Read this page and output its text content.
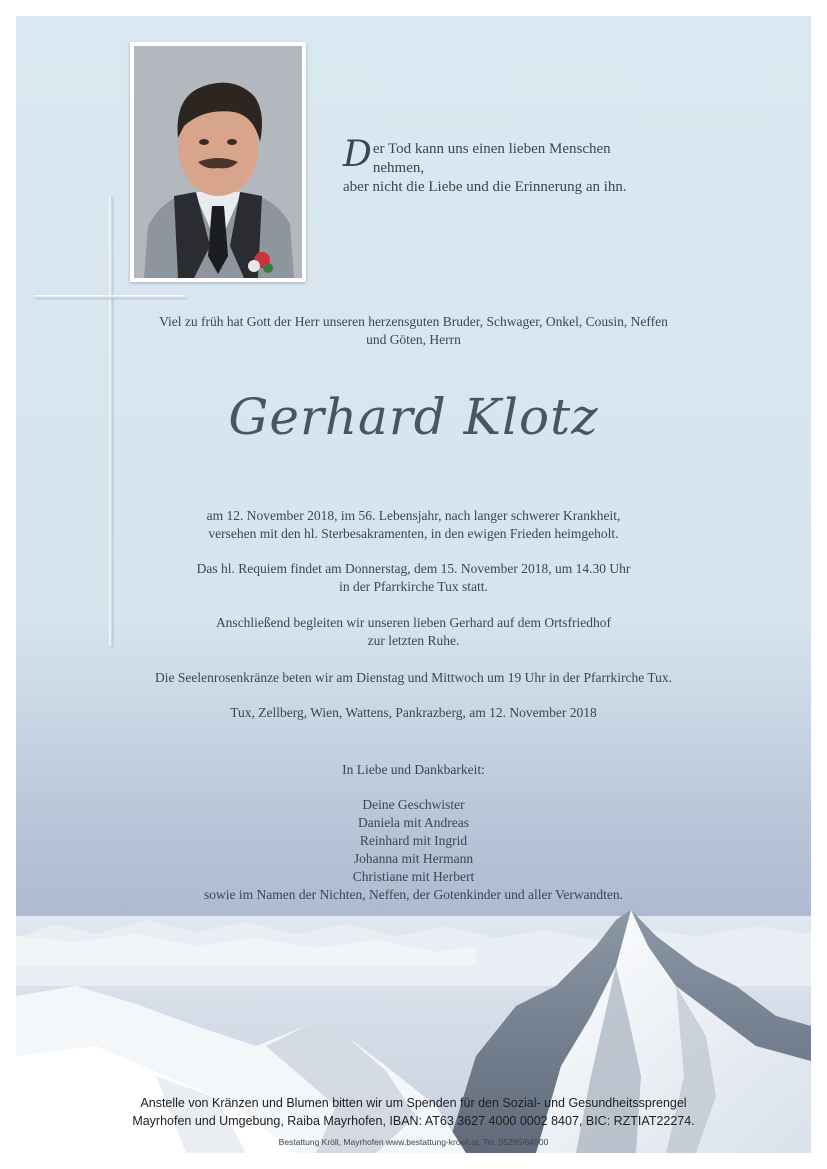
D er Tod kann uns einen lieben Menschen nehmen,
aber nicht die Liebe und die Erinnerung an ihn.
Viel zu früh hat Gott der Herr unseren herzensguten Bruder, Schwager, Onkel, Cousin, Neffen
und Göten, Herrn
Gerhard Klotz
am 12. November 2018, im 56. Lebensjahr, nach langer schwerer Krankheit,
versehen mit den hl. Sterbesakramenten, in den ewigen Frieden heimgeholt.
Das hl. Requiem findet am Donnerstag, dem 15. November 2018, um 14.30 Uhr
in der Pfarrkirche Tux statt.
Anschließend begleiten wir unseren lieben Gerhard auf dem Ortsfriedhof
zur letzten Ruhe.
Die Seelenrosenkränze beten wir am Dienstag und Mittwoch um 19 Uhr in der Pfarrkirche Tux.
Tux, Zellberg, Wien, Wattens, Pankrazberg, am 12. November 2018
In Liebe und Dankbarkeit:
Deine Geschwister
Daniela mit Andreas
Reinhard mit Ingrid
Johanna mit Hermann
Christiane mit Herbert
sowie im Namen der Nichten, Neffen, der Gotenkinder und aller Verwandten.
Anstelle von Kränzen und Blumen bitten wir um Spenden für den Sozial- und Gesundheitssprengel
Mayrhofen und Umgebung, Raiba Mayrhofen, IBAN: AT63 3627 4000 0002 8407, BIC: RZTIAT22274.
Bestattung Kröll, Mayrhofen www.bestattung-kroell.at, Tel. 05285/64500
